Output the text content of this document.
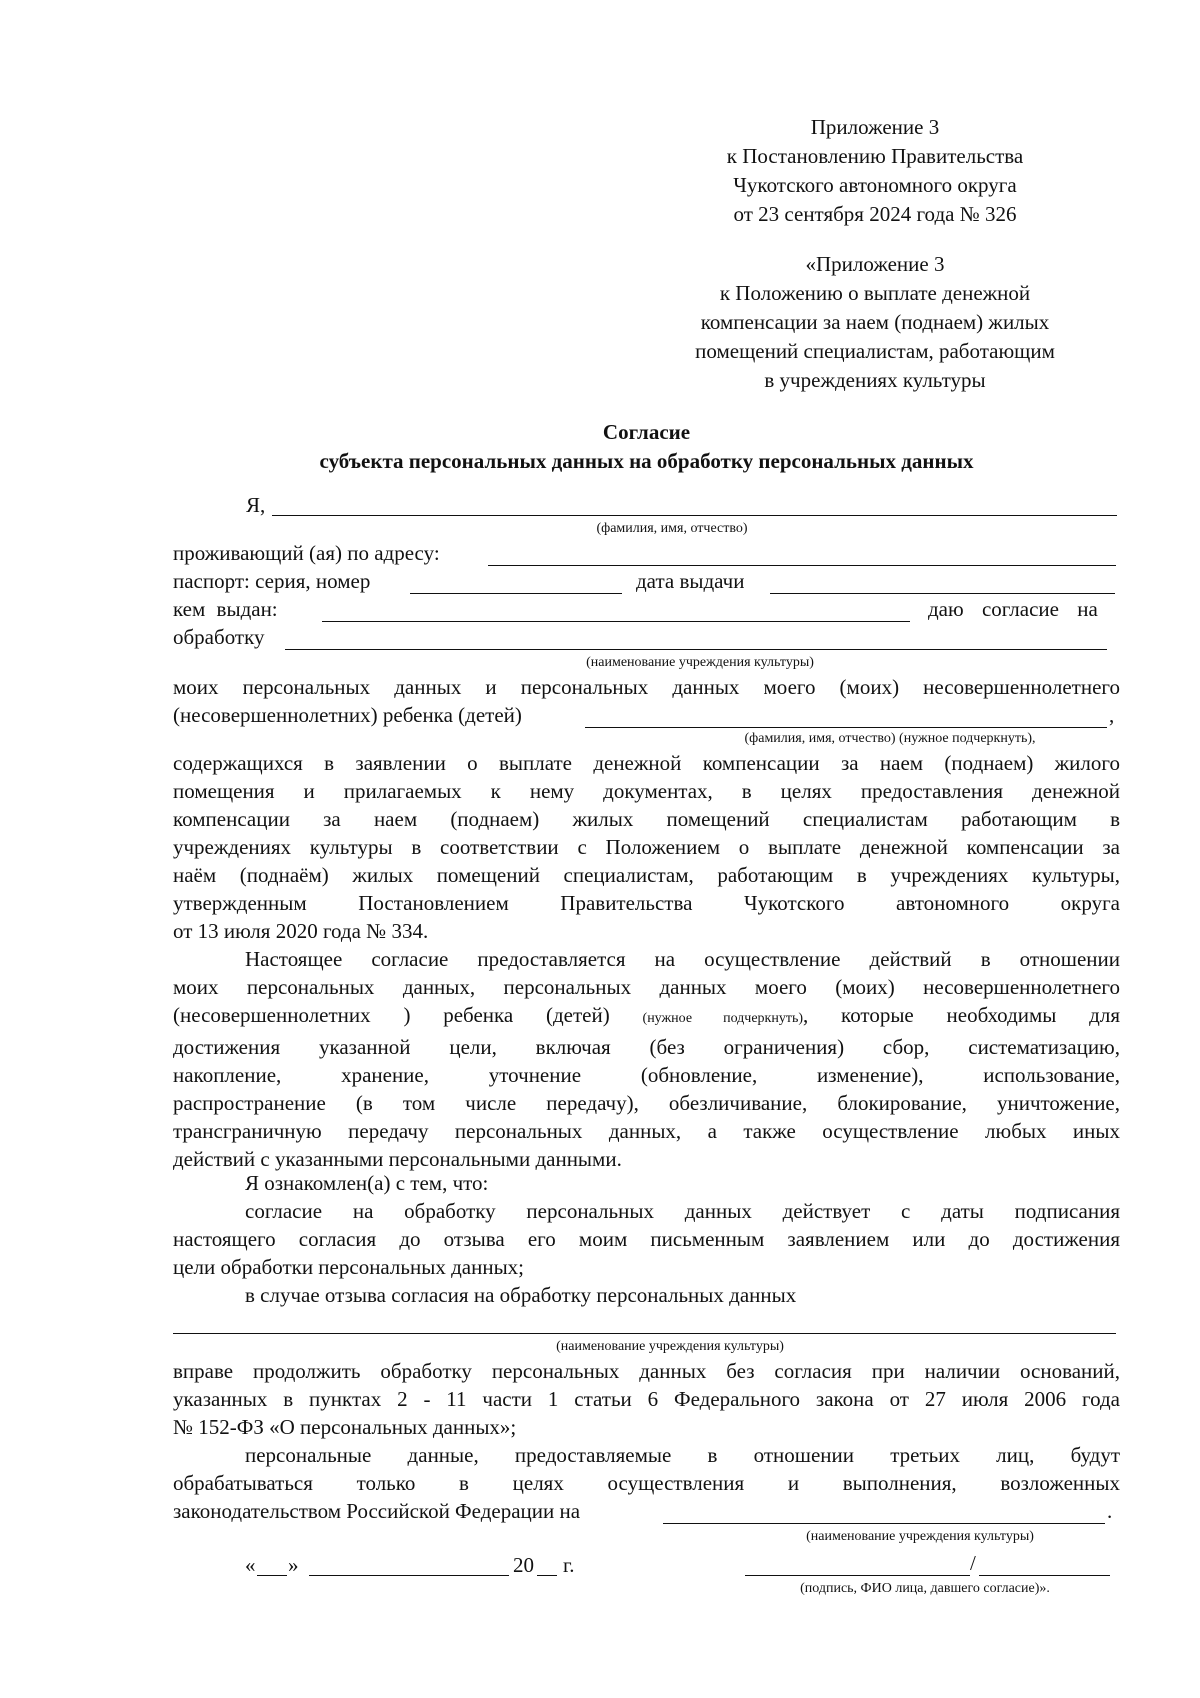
Приложение 3
к Постановлению Правительства
Чукотского автономного округа
от 23 сентября 2024 года № 326
«Приложение 3
к Положению о выплате денежной
компенсации за наем (поднаем) жилых
помещений специалистам, работающим
в учреждениях культуры
Согласие
субъекта персональных данных на обработку персональных данных
Я,
(фамилия, имя, отчество)
проживающий (ая) по адресу:
паспорт: серия, номер	дата выдачи
кем выдан:	даю согласие на
обработку
(наименование учреждения культуры)

моих персональных данных и персональных данных моего (моих) несовершеннолетнего

(несовершеннолетних) ребенка (детей)	,
(фамилия, имя, отчество) (нужное подчеркнуть),

содержащихся в заявлении о выплате денежной компенсации за наем (поднаем) жилого

помещения и прилагаемых к нему документах, в целях предоставления денежной

компенсации за наем (поднаем) жилых помещений специалистам работающим в

учреждениях культуры в соответствии с Положением о выплате денежной компенсации за

наём (поднаём) жилых помещений специалистам, работающим в учреждениях культуры,

утвержденным Постановлением Правительства Чукотского автономного округа

от 13 июля 2020 года № 334.

Настоящее согласие предоставляется на осуществление действий в отношении

моих персональных данных, персональных данных моего (моих) несовершеннолетнего

(несовершеннолетних ) ребенка (детей) (нужное подчеркнуть), которые необходимы для

достижения указанной цели, включая (без ограничения) сбор, систематизацию,

накопление, хранение, уточнение (обновление, изменение), использование,

распространение (в том числе передачу), обезличивание, блокирование, уничтожение,

трансграничную передачу персональных данных, а также осуществление любых иных

действий с указанными персональными данными.

Я ознакомлен(а) с тем, что:

согласие на обработку персональных данных действует с даты подписания

настоящего согласия до отзыва его моим письменным заявлением или до достижения

цели обработки персональных данных;

в случае отзыва согласия на обработку персональных данных
(наименование учреждения культуры)

вправе продолжить обработку персональных данных без согласия при наличии оснований,

указанных в пунктах 2 - 11 части 1 статьи 6 Федерального закона от 27 июля 2006 года

№ 152-ФЗ «О персональных данных»;

персональные данные, предоставляемые в отношении третьих лиц, будут

обрабатываться только в целях осуществления и выполнения, возложенных

законодательством Российской Федерации на	.
(наименование учреждения культуры)
« »	20 г.	/
(подпись, ФИО лица, давшего согласие)».
